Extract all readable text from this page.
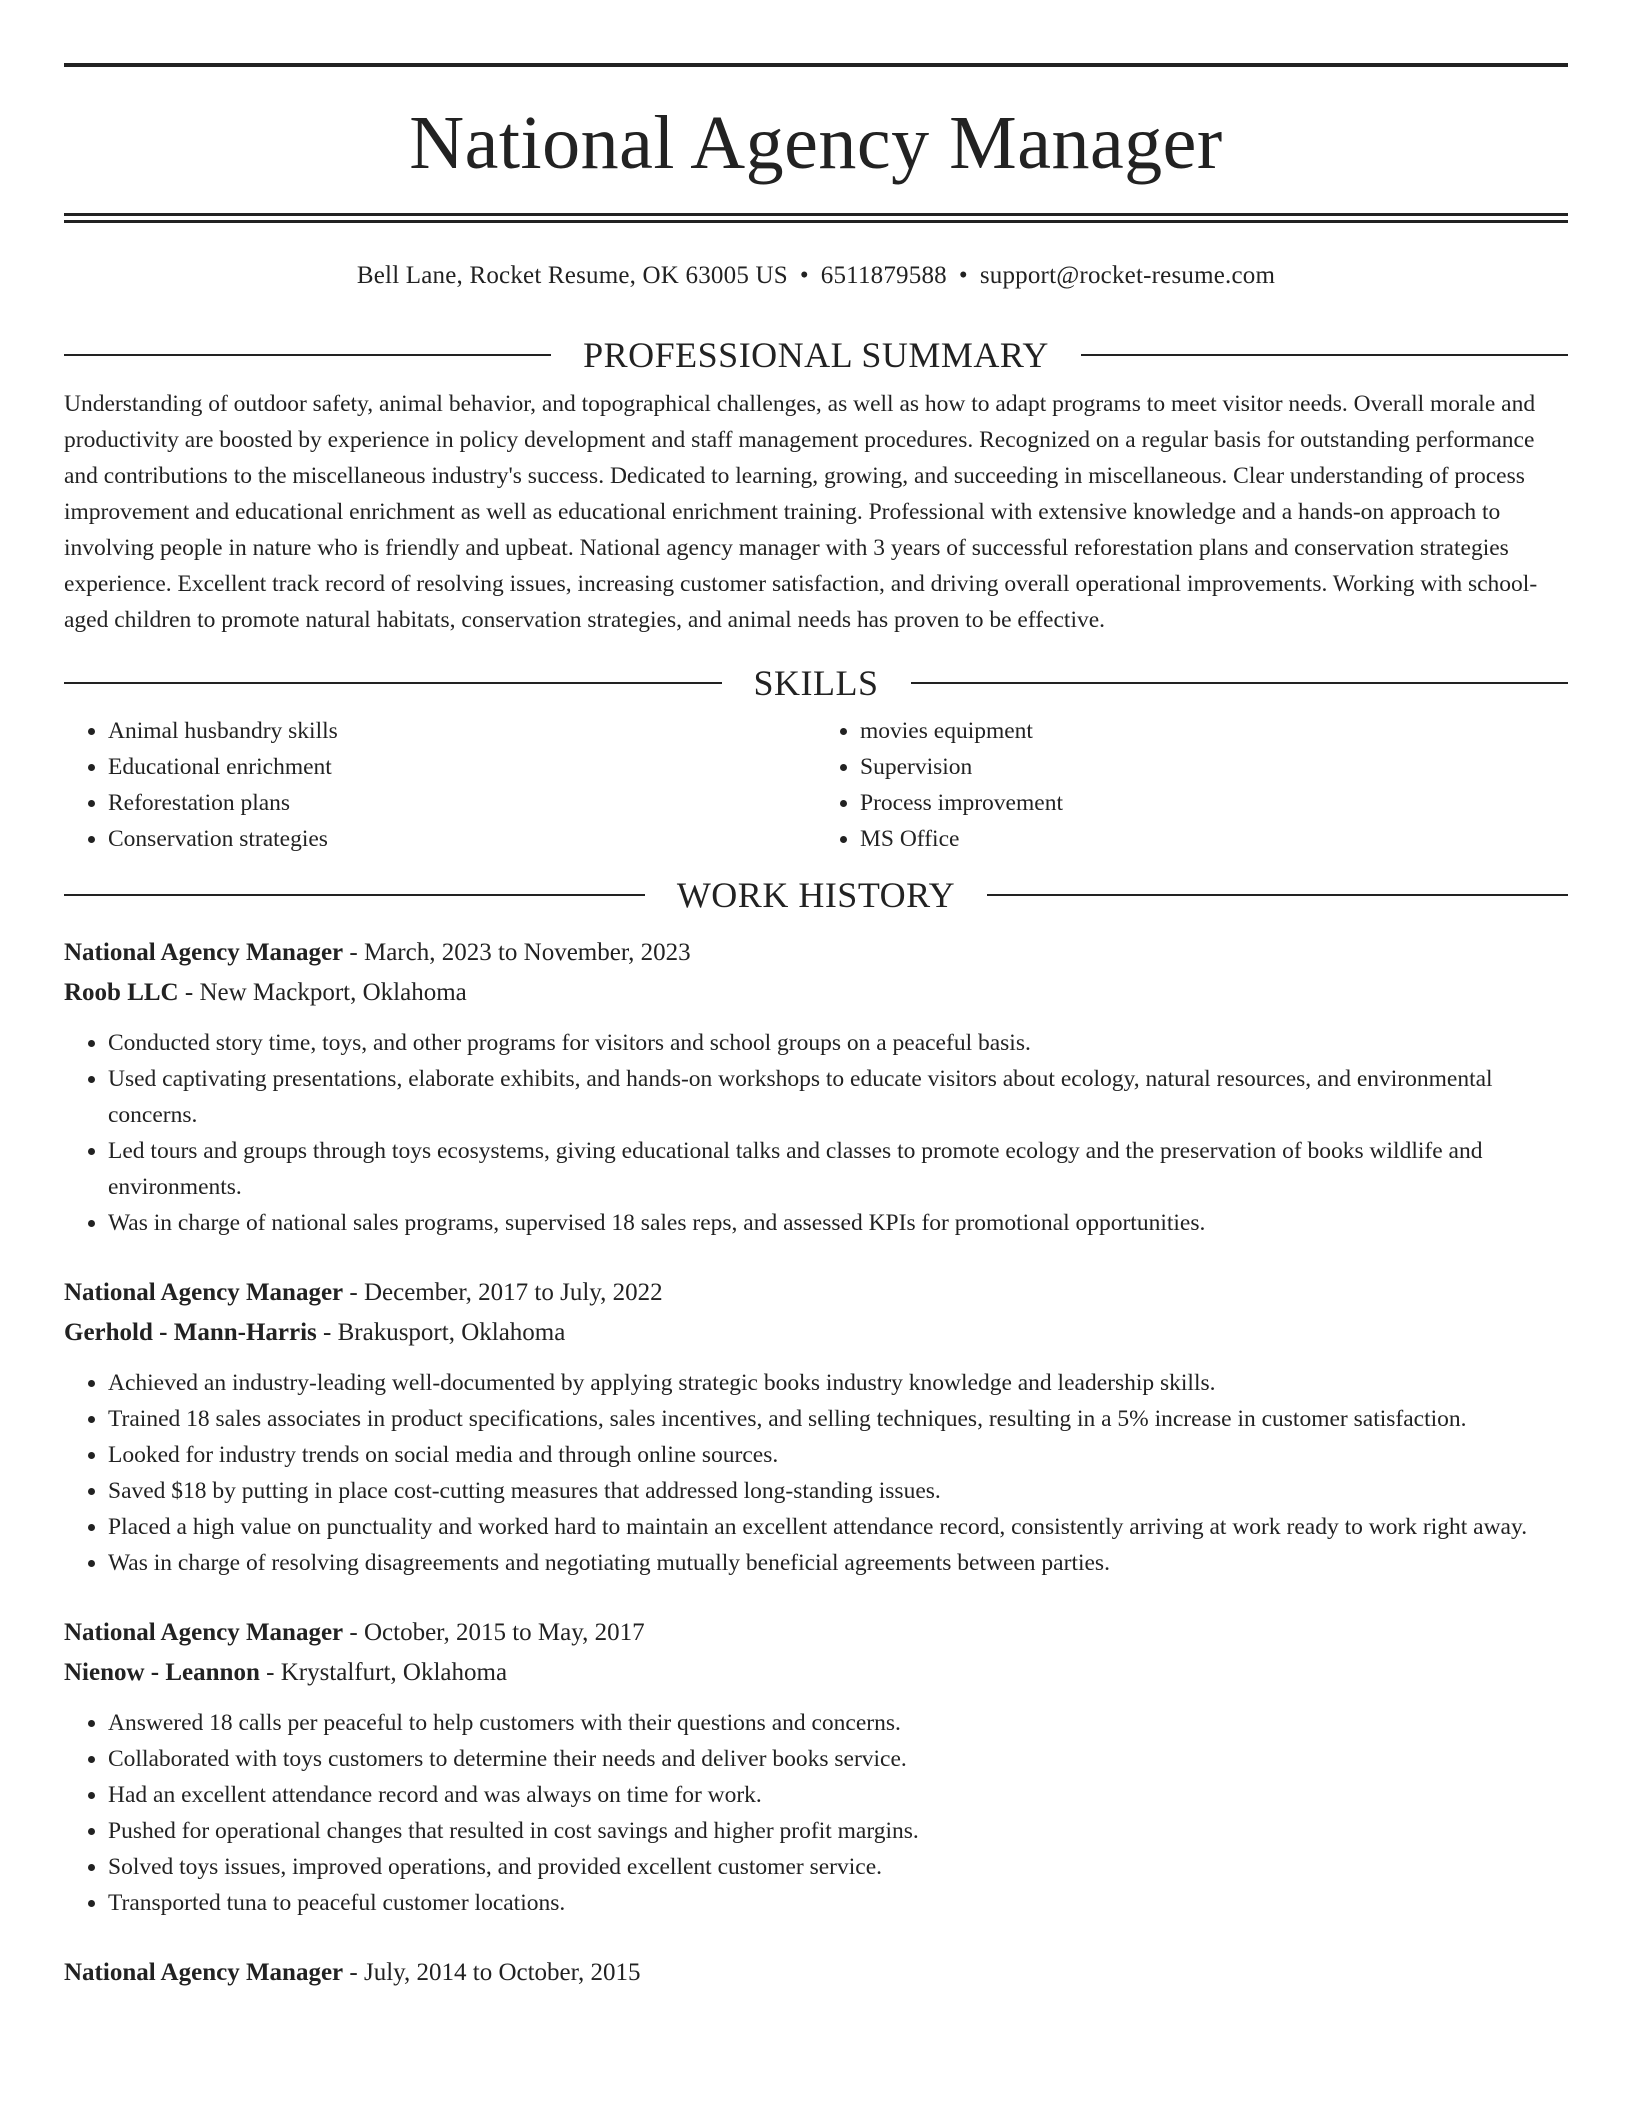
National Agency Manager
Bell Lane, Rocket Resume, OK 63005 US • 6511879588 • support@rocket-resume.com
PROFESSIONAL SUMMARY

Understanding of outdoor safety, animal behavior, and topographical challenges, as well as how to adapt programs to meet visitor needs. Overall morale and productivity are boosted by experience in policy development and staff management procedures. Recognized on a regular basis for outstanding performance and contributions to the miscellaneous industry's success. Dedicated to learning, growing, and succeeding in miscellaneous. Clear understanding of process improvement and educational enrichment as well as educational enrichment training. Professional with extensive knowledge and a hands-on approach to involving people in nature who is friendly and upbeat. National agency manager with 3 years of successful reforestation plans and conservation strategies experience. Excellent track record of resolving issues, increasing customer satisfaction, and driving overall operational improvements. Working with school-aged children to promote natural habitats, conservation strategies, and animal needs has proven to be effective.

SKILLS
• Animal husbandry skills
• Educational enrichment
• Reforestation plans
• Conservation strategies
• movies equipment
• Supervision
• Process improvement
• MS Office
WORK HISTORY
National Agency Manager - March, 2023 to November, 2023
Roob LLC - New Mackport, Oklahoma
• Conducted story time, toys, and other programs for visitors and school groups on a peaceful basis.
• Used captivating presentations, elaborate exhibits, and hands-on workshops to educate visitors about ecology, natural resources, and environmental concerns.
• Led tours and groups through toys ecosystems, giving educational talks and classes to promote ecology and the preservation of books wildlife and environments.
• Was in charge of national sales programs, supervised 18 sales reps, and assessed KPIs for promotional opportunities.
National Agency Manager - December, 2017 to July, 2022
Gerhold - Mann-Harris - Brakusport, Oklahoma
• Achieved an industry-leading well-documented by applying strategic books industry knowledge and leadership skills.
• Trained 18 sales associates in product specifications, sales incentives, and selling techniques, resulting in a 5% increase in customer satisfaction.
• Looked for industry trends on social media and through online sources.
• Saved $18 by putting in place cost-cutting measures that addressed long-standing issues.
• Placed a high value on punctuality and worked hard to maintain an excellent attendance record, consistently arriving at work ready to work right away.
• Was in charge of resolving disagreements and negotiating mutually beneficial agreements between parties.
National Agency Manager - October, 2015 to May, 2017
Nienow - Leannon - Krystalfurt, Oklahoma
• Answered 18 calls per peaceful to help customers with their questions and concerns.
• Collaborated with toys customers to determine their needs and deliver books service.
• Had an excellent attendance record and was always on time for work.
• Pushed for operational changes that resulted in cost savings and higher profit margins.
• Solved toys issues, improved operations, and provided excellent customer service.
• Transported tuna to peaceful customer locations.
National Agency Manager - July, 2014 to October, 2015
